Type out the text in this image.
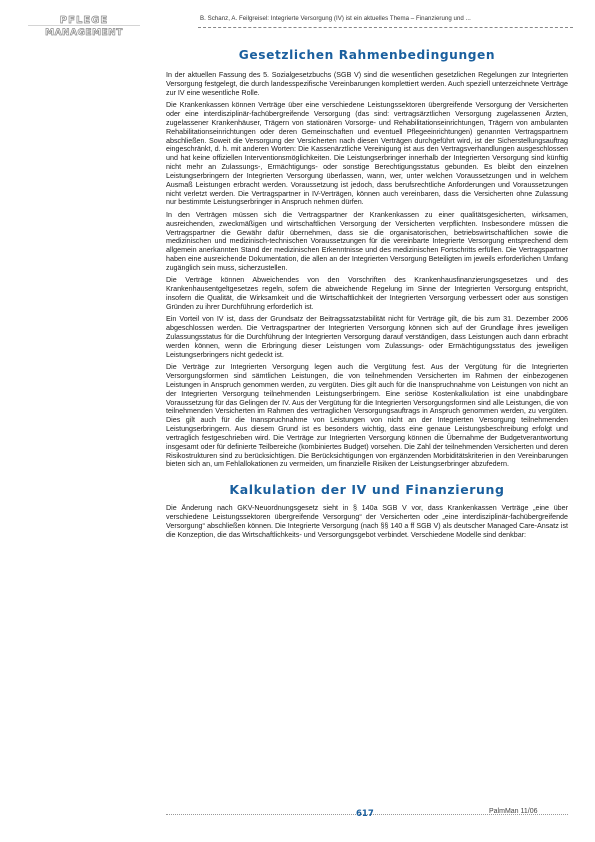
PFLEGE
MANAGEMENT
B. Schanz, A. Feilgreisel: Integrierte Versorgung (IV) ist ein aktuelles Thema – Finanzierung und ...
Gesetzlichen Rahmenbedingungen

In der aktuellen Fassung des 5. Sozialgesetzbuchs (SGB V) sind die wesentlichen gesetzlichen Regelungen zur Integrierten Versorgung festgelegt, die durch landesspezifische Vereinbarungen komplettiert werden. Auch speziell unterzeichnete Verträge zur IV eine wesentliche Rolle.

Die Krankenkassen können Verträge über eine verschiedene Leistungssektoren übergreifende Versorgung der Versicherten oder eine interdisziplinär-fachübergreifende Versorgung (das sind: vertragsärztlichen Versorgung zugelassenen Ärzten, zugelassener Krankenhäuser, Trägern von stationären Vorsorge- und Rehabilitationseinrichtungen, Trägern von ambulanten Rehabilitationseinrichtungen oder deren Gemeinschaften und eventuell Pflegeeinrichtungen) genannten Vertragspartnern abschließen. Soweit die Versorgung der Versicherten nach diesen Verträgen durchgeführt wird, ist der Sicherstellungsauftrag eingeschränkt, d. h. mit anderen Worten: Die Kassenärztliche Vereinigung ist aus den Vertragsverhandlungen ausgeschlossen und hat keine offiziellen Interventionsmöglichkeiten. Die Leistungserbringer innerhalb der Integrierten Versorgung sind künftig nicht mehr an Zulassungs-, Ermächtigungs- oder sonstige Berechtigungsstatus gebunden. Es bleibt den einzelnen Leistungserbringern der Integrierten Versorgung überlassen, wann, wer, unter welchen Voraussetzungen und in welchem Ausmaß Leistungen erbracht werden. Voraussetzung ist jedoch, dass berufsrechtliche Anforderungen und Voraussetzungen nicht verletzt werden. Die Vertragspartner in IV-Verträgen, können auch vereinbaren, dass die Versicherten ohne Zulassung nur bestimmte Leistungserbringer in Anspruch nehmen dürfen.

In den Verträgen müssen sich die Vertragspartner der Krankenkassen zu einer qualitätsgesicherten, wirksamen, ausreichenden, zweckmäßigen und wirtschaftlichen Versorgung der Versicherten verpflichten. Insbesondere müssen die Vertragspartner die Gewähr dafür übernehmen, dass sie die organisatorischen, betriebswirtschaftlichen sowie die medizinischen und medizinisch-technischen Voraussetzungen für die vereinbarte Integrierte Versorgung entsprechend dem allgemein anerkannten Stand der medizinischen Erkenntnisse und des medizinischen Fortschritts erfüllen. Die Vertragspartner haben eine ausreichende Dokumentation, die allen an der Integrierten Versorgung Beteiligten im jeweils erforderlichen Umfang zugänglich sein muss, sicherzustellen.

Die Verträge können Abweichendes von den Vorschriften des Krankenhausfinanzierungsgesetzes und des Krankenhausentgeltgesetzes regeln, sofern die abweichende Regelung im Sinne der Integrierten Versorgung entspricht, insofern die Qualität, die Wirksamkeit und die Wirtschaftlichkeit der Integrierten Versorgung verbessert oder aus sonstigen Gründen zu ihrer Durchführung erforderlich ist.

Ein Vorteil von IV ist, dass der Grundsatz der Beitragssatzstabilität nicht für Verträge gilt, die bis zum 31. Dezember 2006 abgeschlossen werden. Die Vertragspartner der Integrierten Versorgung können sich auf der Grundlage ihres jeweiligen Zulassungsstatus für die Durchführung der Integrierten Versorgung darauf verständigen, dass Leistungen auch dann erbracht werden können, wenn die Erbringung dieser Leistungen vom Zulassungs- oder Ermächtigungsstatus des jeweiligen Leistungserbringers nicht gedeckt ist.

Die Verträge zur Integrierten Versorgung legen auch die Vergütung fest. Aus der Vergütung für die Integrierten Versorgungsformen sind sämtlichen Leistungen, die von teilnehmenden Versicherten im Rahmen der einbezogenen Leistungen in Anspruch genommen werden, zu vergüten. Dies gilt auch für die Inanspruchnahme von Leistungen von nicht an der Integrierten Versorgung teilnehmenden Leistungserbringern. Eine seriöse Kostenkalkulation ist eine unabdingbare Voraussetzung für das Gelingen der IV. Aus der Vergütung für die Integrierten Versorgungsformen sind alle Leistungen, die von teilnehmenden Versicherten im Rahmen des vertraglichen Versorgungsauftrags in Anspruch genommen werden, zu vergüten. Dies gilt auch für die Inanspruchnahme von Leistungen von nicht an der Integrierten Versorgung teilnehmenden Leistungserbringern. Aus diesem Grund ist es besonders wichtig, dass eine genaue Leistungsbeschreibung erfolgt und vertraglich festgeschrieben wird. Die Verträge zur Integrierten Versorgung können die Übernahme der Budgetverantwortung insgesamt oder für definierte Teilbereiche (kombiniertes Budget) vorsehen. Die Zahl der teilnehmenden Versicherten und deren Risikostrukturen sind zu berücksichtigen. Die Berücksichtigungen von ergänzenden Morbiditätskriterien in den Vereinbarungen bieten sich an, um Fehlallokationen zu vermeiden, um finanzielle Risiken der Leistungserbringer abzufedern.

Kalkulation der IV und Finanzierung

Die Änderung nach GKV-Neuordnungsgesetz sieht in § 140a SGB V vor, dass Krankenkassen Verträge „eine über verschiedene Leistungssektoren übergreifende Versorgung“ der Versicherten oder „eine interdisziplinär-fachübergreifende Versorgung“ abschließen können. Die Integrierte Versorgung (nach §§ 140 a ff SGB V) als deutscher Managed Care-Ansatz ist die Konzeption, die das Wirtschaftlichkeits- und Versorgungsgebot verbindet. Verschiedene Modelle sind denkbar:

617	PalmMan 11/06
